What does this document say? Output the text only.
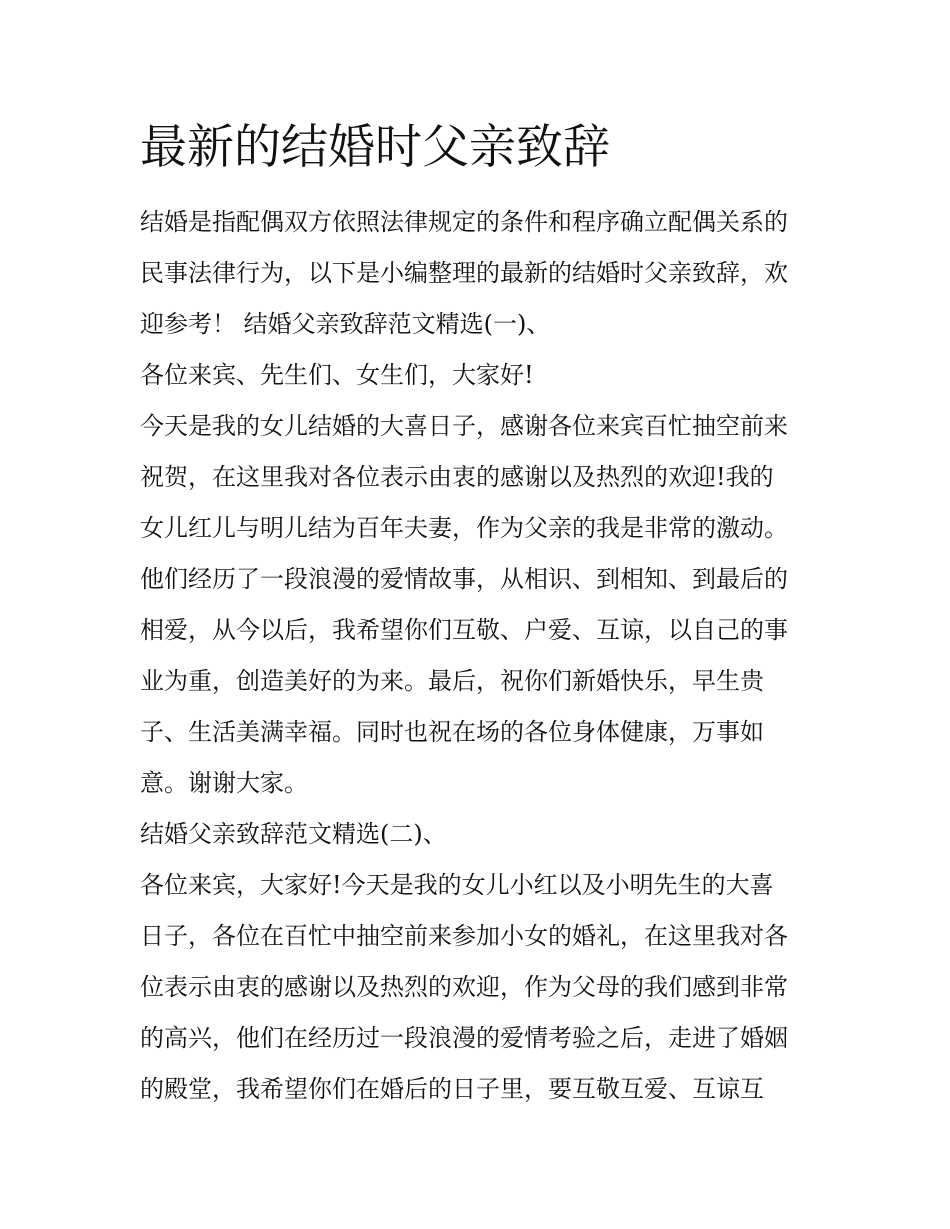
最新的结婚时父亲致辞
结婚是指配偶双方依照法律规定的条件和程序确立配偶关系的
民事法律行为，以下是小编整理的最新的结婚时父亲致辞，欢
迎参考！ 结婚父亲致辞范文精选(一)、
各位来宾、先生们、女生们，大家好!
今天是我的女儿结婚的大喜日子，感谢各位来宾百忙抽空前来
祝贺，在这里我对各位表示由衷的感谢以及热烈的欢迎!我的
女儿红儿与明儿结为百年夫妻，作为父亲的我是非常的激动。
他们经历了一段浪漫的爱情故事，从相识、到相知、到最后的
相爱，从今以后，我希望你们互敬、户爱、互谅，以自己的事
业为重，创造美好的为来。最后，祝你们新婚快乐，早生贵
子、生活美满幸福。同时也祝在场的各位身体健康，万事如
意。谢谢大家。
结婚父亲致辞范文精选(二)、
各位来宾，大家好!今天是我的女儿小红以及小明先生的大喜
日子，各位在百忙中抽空前来参加小女的婚礼，在这里我对各
位表示由衷的感谢以及热烈的欢迎，作为父母的我们感到非常
的高兴，他们在经历过一段浪漫的爱情考验之后，走进了婚姻
的殿堂，我希望你们在婚后的日子里，要互敬互爱、互谅互
